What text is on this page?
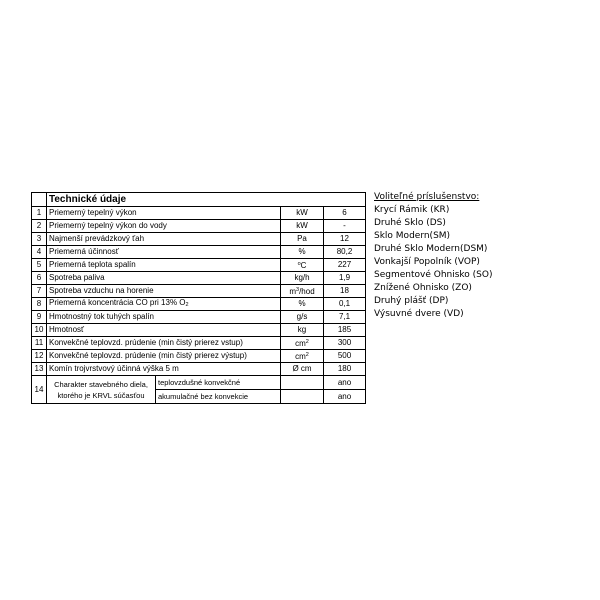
	Technické údaje			
1	Priemerný tepelný výkon		kW	6
2	Priemerný tepelný výkon do vody		kW	-
3	Najmenší prevádzkový ťah		Pa	12
4	Priemerná účinnosť		%	80,2
5	Priemerná teplota spalín		$^o$C	227
6	Spotreba paliva		kg/h	1,9
7	Spotreba vzduchu na horenie		$m^3$/hod	18
8	Priemerná koncentrácia CO pri 13% O2		%	0,1
9	Hmotnostný tok tuhých spalín		g/s	7,1
10	Hmotnosť		kg	185
11	Konvekčné teplovzd. prúdenie (min čistý prierez vstup)		$cm^2$	300
12	Konvekčné teplovzd. prúdenie (min čistý prierez výstup)		$cm^2$	500
13	Komín trojvrstvový účinná výška 5 m		Ø cm	180
14	Charakter stavebného diela,
ktorého je KRVL súčasťou	teplovzdušné konvekčné		ano
		akumulačné bez konvekcie		ano
Voliteľné príslušenstvo:
Krycí Rámik (KR)
Druhé Sklo (DS)
Sklo Modern(SM)
Druhé Sklo Modern(DSM)
Vonkajší Popolník (VOP)
Segmentové Ohnisko (SO)
Znížené Ohnisko (ZO)
Druhý plášť (DP)
Výsuvné dvere (VD)
